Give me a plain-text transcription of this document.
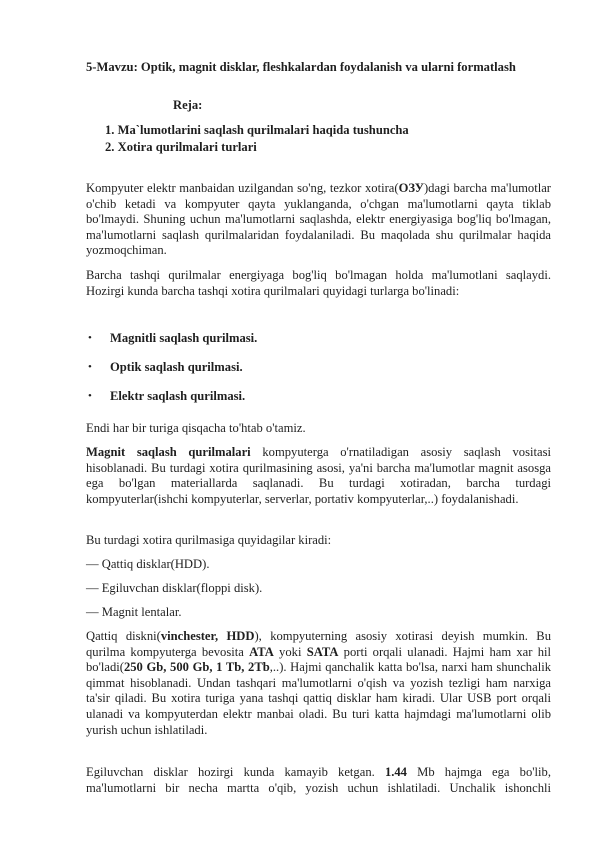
5-Mavzu: Optik, magnit disklar, fleshkalardan foydalanish va ularni formatlash
Reja:
1. Ma`lumotlarini saqlash qurilmalari haqida tushuncha
2. Xotira qurilmalari turlari
Kompyuter elektr manbaidan uzilgandan so'ng, tezkor xotira(ОЗУ)dagi barcha ma'lumotlar o'chib ketadi va kompyuter qayta yuklanganda, o'chgan ma'lumotlarni qayta tiklab bo'lmaydi. Shuning uchun ma'lumotlarni saqlashda, elektr energiyasiga bog'liq bo'lmagan, ma'lumotlarni saqlash qurilmalaridan foydalaniladi. Bu maqolada shu qurilmalar haqida yozmoqchiman.
Barcha tashqi qurilmalar energiyaga bog'liq bo'lmagan holda ma'lumotlani saqlaydi. Hozirgi kunda barcha tashqi xotira qurilmalari quyidagi turlarga bo'linadi:
• Magnitli saqlash qurilmasi.
• Optik saqlash qurilmasi.
• Elektr saqlash qurilmasi.
Endi har bir turiga qisqacha to'htab o'tamiz.
Magnit saqlash qurilmalari kompyuterga o'rnatiladigan asosiy saqlash vositasi hisoblanadi. Bu turdagi xotira qurilmasining asosi, ya'ni barcha ma'lumotlar magnit asosga ega bo'lgan materiallarda saqlanadi. Bu turdagi xotiradan, barcha turdagi kompyuterlar(ishchi kompyuterlar, serverlar, portativ kompyuterlar,..) foydalanishadi.
Bu turdagi xotira qurilmasiga quyidagilar kiradi:
— Qattiq disklar(HDD).
— Egiluvchan disklar(floppi disk).
— Magnit lentalar.
Qattiq diskni(vinchester, HDD), kompyuterning asosiy xotirasi deyish mumkin. Bu qurilma kompyuterga bevosita ATA yoki SATA porti orqali ulanadi. Hajmi ham xar hil bo'ladi(250 Gb, 500 Gb, 1 Tb, 2Tb,..). Hajmi qanchalik katta bo'lsa, narxi ham shunchalik qimmat hisoblanadi. Undan tashqari ma'lumotlarni o'qish va yozish tezligi ham narxiga ta'sir qiladi. Bu xotira turiga yana tashqi qattiq disklar ham kiradi. Ular USB port orqali ulanadi va kompyuterdan elektr manbai oladi. Bu turi katta hajmdagi ma'lumotlarni olib yurish uchun ishlatiladi.
Egiluvchan disklar hozirgi kunda kamayib ketgan. 1.44 Mb hajmga ega bo'lib, ma'lumotlarni bir necha martta o'qib, yozish uchun ishlatiladi. Unchalik ishonchli
